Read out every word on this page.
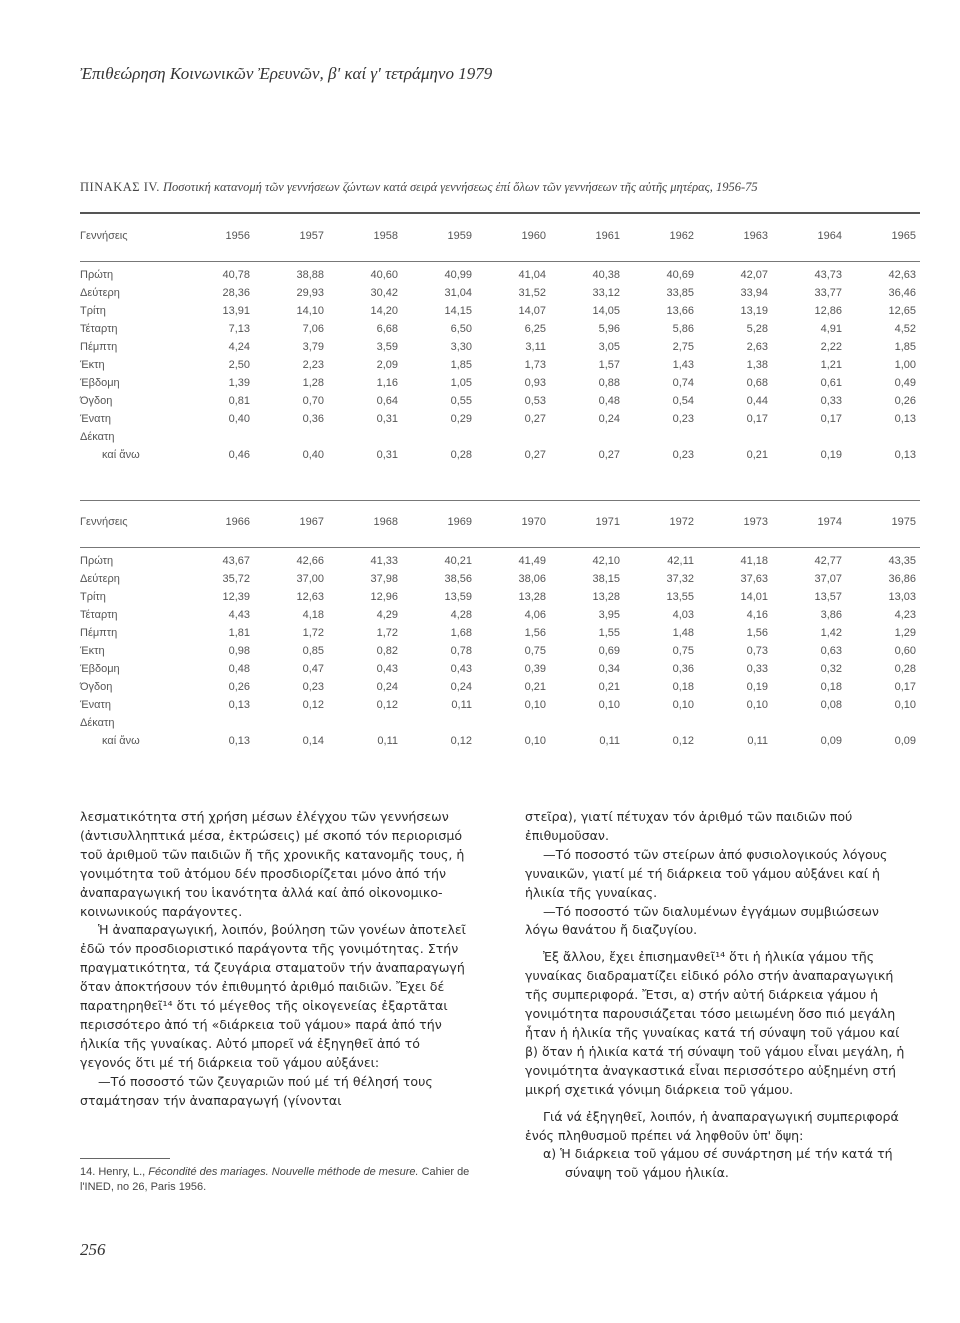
Ἐπιθεώρηση Κοινωνικῶν Ἐρευνῶν, β' καί γ' τετράμηνο 1979
ΠΙΝΑΚΑΣ IV. Ποσοτική κατανομή τῶν γεννήσεων ζώντων κατά σειρά γεννήσεως ἐπί ὅλων τῶν γεννήσεων τῆς αὐτῆς μητέρας, 1956-75
Γεννήσεις	1956	1957	1958	1959	1960	1961	1962	1963	1964	1965

Πρώτη	40,78	38,88	40,60	40,99	41,04	40,38	40,69	42,07	43,73	42,63
Δεύτερη	28,36	29,93	30,42	31,04	31,52	33,12	33,85	33,94	33,77	36,46
Τρίτη	13,91	14,10	14,20	14,15	14,07	14,05	13,66	13,19	12,86	12,65
Τέταρτη	7,13	7,06	6,68	6,50	6,25	5,96	5,86	5,28	4,91	4,52
Πέμπτη	4,24	3,79	3,59	3,30	3,11	3,05	2,75	2,63	2,22	1,85
Έκτη	2,50	2,23	2,09	1,85	1,73	1,57	1,43	1,38	1,21	1,00
Έβδομη	1,39	1,28	1,16	1,05	0,93	0,88	0,74	0,68	0,61	0,49
Όγδοη	0,81	0,70	0,64	0,55	0,53	0,48	0,54	0,44	0,33	0,26
Ένατη	0,40	0,36	0,31	0,29	0,27	0,24	0,23	0,17	0,17	0,13
Δέκατη										
καί ἄνω	0,46	0,40	0,31	0,28	0,27	0,27	0,23	0,21	0,19	0,13
Γεννήσεις	1966	1967	1968	1969	1970	1971	1972	1973	1974	1975

Πρώτη	43,67	42,66	41,33	40,21	41,49	42,10	42,11	41,18	42,77	43,35
Δεύτερη	35,72	37,00	37,98	38,56	38,06	38,15	37,32	37,63	37,07	36,86
Τρίτη	12,39	12,63	12,96	13,59	13,28	13,28	13,55	14,01	13,57	13,03
Τέταρτη	4,43	4,18	4,29	4,28	4,06	3,95	4,03	4,16	3,86	4,23
Πέμπτη	1,81	1,72	1,72	1,68	1,56	1,55	1,48	1,56	1,42	1,29
Έκτη	0,98	0,85	0,82	0,78	0,75	0,69	0,75	0,73	0,63	0,60
Έβδομη	0,48	0,47	0,43	0,43	0,39	0,34	0,36	0,33	0,32	0,28
Όγδοη	0,26	0,23	0,24	0,24	0,21	0,21	0,18	0,19	0,18	0,17
Ένατη	0,13	0,12	0,12	0,11	0,10	0,10	0,10	0,10	0,08	0,10
Δέκατη										
καί ἄνω	0,13	0,14	0,11	0,12	0,10	0,11	0,12	0,11	0,09	0,09

λεσματικότητα στή χρήση μέσων ἐλέγχου τῶν γεννήσεων (ἀντισυλληπτικά μέσα, ἐκτρώσεις) μέ σκοπό τόν περιορισμό τοῦ ἀριθμοῦ τῶν παιδιῶν ἤ τῆς χρονικῆς κατανομῆς τους, ἡ γονιμότητα τοῦ ἀτόμου δέν προσδιορίζεται μόνο ἀπό τήν ἀναπαραγωγική του ἱκανότητα ἀλλά καί ἀπό οἰκονομικο-κοινωνικούς παράγοντες.

Ἡ ἀναπαραγωγική, λοιπόν, βούληση τῶν γονέων ἀποτελεῖ ἐδῶ τόν προσδιοριστικό παράγοντα τῆς γονιμότητας. Στήν πραγματικότητα, τά ζευγάρια σταματοῦν τήν ἀναπαραγωγή ὅταν ἀποκτήσουν τόν ἐπιθυμητό ἀριθμό παιδιῶν. Ἔχει δέ παρατηρηθεῖ¹⁴ ὅτι τό μέγεθος τῆς οἰκογενείας ἐξαρτᾶται περισσότερο ἀπό τή «διάρκεια τοῦ γάμου» παρά ἀπό τήν ἡλικία τῆς γυναίκας. Αὐτό μπορεῖ νά ἐξηγηθεῖ ἀπό τό γεγονός ὅτι μέ τή διάρκεια τοῦ γάμου αὐξάνει:

—Τό ποσοστό τῶν ζευγαριῶν πού μέ τή θέλησή τους σταμάτησαν τήν ἀναπαραγωγή (γίνονται

στεῖρα), γιατί πέτυχαν τόν ἀριθμό τῶν παιδιῶν πού ἐπιθυμοῦσαν.

—Τό ποσοστό τῶν στείρων ἀπό φυσιολογικούς λόγους γυναικῶν, γιατί μέ τή διάρκεια τοῦ γάμου αὐξάνει καί ἡ ἡλικία τῆς γυναίκας.

—Τό ποσοστό τῶν διαλυμένων ἐγγάμων συμβιώσεων λόγω θανάτου ἤ διαζυγίου.

Ἐξ ἄλλου, ἔχει ἐπισημανθεῖ¹⁴ ὅτι ἡ ἡλικία γάμου τῆς γυναίκας διαδραματίζει εἰδικό ρόλο στήν ἀναπαραγωγική τῆς συμπεριφορά. Ἔτσι, α) στήν αὐτή διάρκεια γάμου ἡ γονιμότητα παρουσιάζεται τόσο μειωμένη ὅσο πιό μεγάλη ἦταν ἡ ἡλικία τῆς γυναίκας κατά τή σύναψη τοῦ γάμου καί β) ὅταν ἡ ἡλικία κατά τή σύναψη τοῦ γάμου εἶναι μεγάλη, ἡ γονιμότητα ἀναγκαστικά εἶναι περισσότερο αὐξημένη στή μικρή σχετικά γόνιμη διάρκεια τοῦ γάμου.

Γιά νά ἐξηγηθεῖ, λοιπόν, ἡ ἀναπαραγωγική συμπεριφορά ἑνός πληθυσμοῦ πρέπει νά ληφθοῦν ὑπ' ὄψη:

α) Ἡ διάρκεια τοῦ γάμου σέ συνάρτηση μέ τήν κατά τή σύναψη τοῦ γάμου ἡλικία.

14. Henry, L., Fécondité des mariages. Nouvelle méthode de mesure. Cahier de l'INED, no 26, Paris 1956.
256
